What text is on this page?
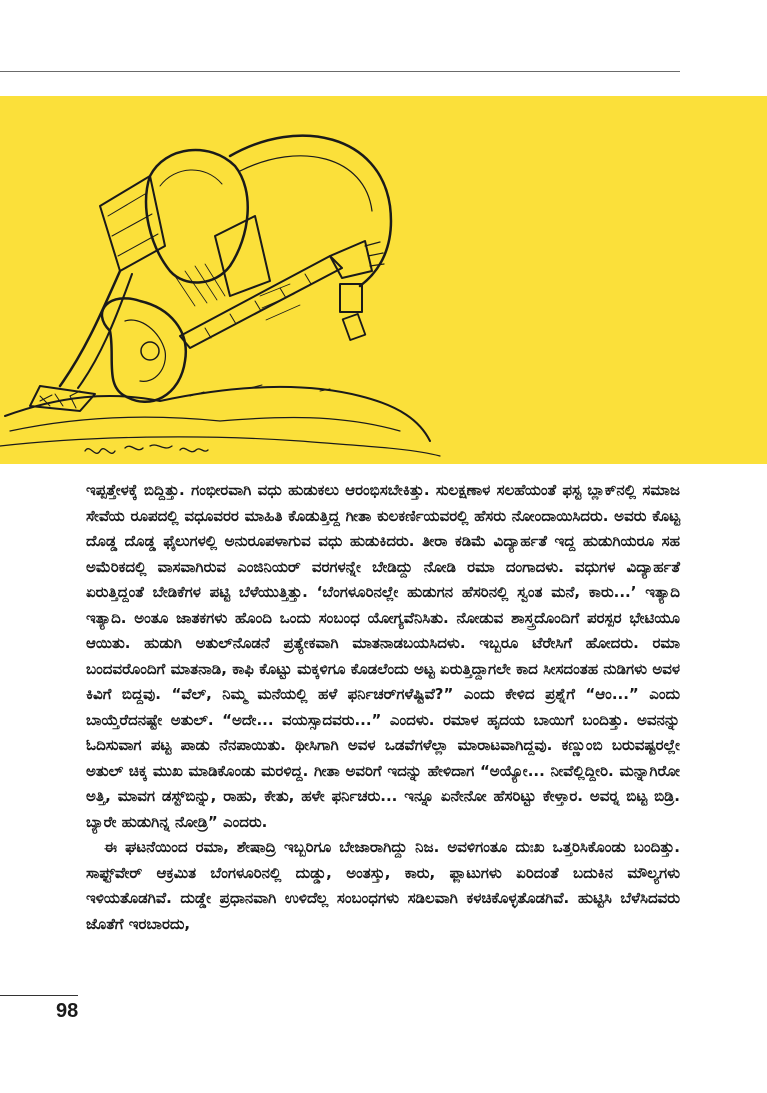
ಇಪ್ಪತ್ತೇಳಕ್ಕೆ ಬಿದ್ದಿತ್ತು. ಗಂಭೀರವಾಗಿ ವಧು ಹುಡುಕಲು ಆರಂಭಿಸಬೇಕಿತ್ತು. ಸುಲಕ್ಷಣಾಳ ಸಲಹೆಯಂತೆ ಫಸ್ಟ ಬ್ಲಾಕ್‌ನಲ್ಲಿ ಸಮಾಜ ಸೇವೆಯ ರೂಪದಲ್ಲಿ ವಧೂವರರ ಮಾಹಿತಿ ಕೊಡುತ್ತಿದ್ದ ಗೀತಾ ಕುಲಕರ್ಣಿಯವರಲ್ಲಿ ಹೆಸರು ನೋಂದಾಯಿಸಿದರು. ಅವರು ಕೊಟ್ಟ ದೊಡ್ಡ ದೊಡ್ಡ ಫೈಲುಗಳಲ್ಲಿ ಅನುರೂಪಳಾಗುವ ವಧು ಹುಡುಕಿದರು. ತೀರಾ ಕಡಿಮೆ ವಿದ್ಯಾರ್ಹತೆ ಇದ್ದ ಹುಡುಗಿಯರೂ ಸಹ ಅಮೆರಿಕದಲ್ಲಿ ವಾಸವಾಗಿರುವ ಎಂಜಿನಿಯರ್ ವರಗಳನ್ನೇ ಬೇಡಿದ್ದು ನೋಡಿ ರಮಾ ದಂಗಾದಳು. ವಧುಗಳ ವಿದ್ಯಾರ್ಹತೆ ಏರುತ್ತಿದ್ದಂತೆ ಬೇಡಿಕೆಗಳ ಪಟ್ಟಿ ಬೆಳೆಯುತ್ತಿತ್ತು. ‘ಬೆಂಗಳೂರಿನಲ್ಲೇ ಹುಡುಗನ ಹೆಸರಿನಲ್ಲಿ ಸ್ವಂತ ಮನೆ, ಕಾರು...’ ಇತ್ಯಾದಿ ಇತ್ಯಾದಿ. ಅಂತೂ ಜಾತಕಗಳು ಹೊಂದಿ ಒಂದು ಸಂಬಂಧ ಯೋಗ್ಯವೆನಿಸಿತು. ನೋಡುವ ಶಾಸ್ತ್ರದೊಂದಿಗೆ ಪರಸ್ಪರ ಭೇಟಿಯೂ ಆಯಿತು. ಹುಡುಗಿ ಅತುಲ್‌ನೊಡನೆ ಪ್ರತ್ಯೇಕವಾಗಿ ಮಾತನಾಡಬಯಸಿದಳು. ಇಬ್ಬರೂ ಟೆರೇಸಿಗೆ ಹೋದರು. ರಮಾ ಬಂದವರೊಂದಿಗೆ ಮಾತನಾಡಿ, ಕಾಫಿ ಕೊಟ್ಟು ಮಕ್ಕಳಿಗೂ ಕೊಡಲೆಂದು ಅಟ್ಟ ಏರುತ್ತಿದ್ದಾಗಲೇ ಕಾದ ಸೀಸದಂತಹ ನುಡಿಗಳು ಅವಳ ಕಿವಿಗೆ ಬಿದ್ದವು. “ವೆಲ್, ನಿಮ್ಮ ಮನೆಯಲ್ಲಿ ಹಳೆ ಫರ್ನಿಚರ್‌ಗಳೆಷ್ಟಿವೆ?” ಎಂದು ಕೇಳಿದ ಪ್ರಶ್ನೆಗೆ “ಆಂ...” ಎಂದು ಬಾಯ್ತೆರೆದನಷ್ಟೇ ಅತುಲ್. “ಅದೇ... ವಯಸ್ಸಾದವರು...” ಎಂದಳು. ರಮಾಳ ಹೃದಯ ಬಾಯಿಗೆ ಬಂದಿತ್ತು. ಅವನನ್ನು ಓದಿಸುವಾಗ ಪಟ್ಟ ಪಾಡು ನೆನಪಾಯಿತು. ಥೀಸಿಗಾಗಿ ಅವಳ ಒಡವೆಗಳೆಲ್ಲಾ ಮಾರಾಟವಾಗಿದ್ದವು. ಕಣ್ಣುಂಬಿ ಬರುವಷ್ಟರಲ್ಲೇ ಅತುಲ್ ಚಿಕ್ಕ ಮುಖ ಮಾಡಿಕೊಂಡು ಮರಳಿದ್ದ. ಗೀತಾ ಅವರಿಗೆ ಇದನ್ನು ಹೇಳಿದಾಗ “ಅಯ್ಯೋ... ನೀವೆಲ್ಲಿದ್ದೀರಿ. ಮನ್ನಾಗಿರೋ ಅತ್ತಿ, ಮಾವಗ ಡಸ್ಟ್‌ಬಿನ್ನು, ರಾಹು, ಕೇತು, ಹಳೇ ಫರ್ನಿಚರು... ಇನ್ನೂ ಏನೇನೋ ಹೆಸರಿಟ್ಟು ಕೇಳ್ತಾರ. ಅವರ್‍ನ ಬಿಟ್ಟ ಬಿಡ್ರಿ. ಬ್ಯಾರೇ ಹುಡುಗಿನ್ನ ನೋಡ್ರಿ” ಎಂದರು.

ಈ ಘಟನೆಯಿಂದ ರಮಾ, ಶೇಷಾದ್ರಿ ಇಬ್ಬರಿಗೂ ಬೇಜಾರಾಗಿದ್ದು ನಿಜ. ಅವಳಿಗಂತೂ ದುಃಖ ಒತ್ತರಿಸಿಕೊಂಡು ಬಂದಿತ್ತು. ಸಾಫ್ಟ್‌ವೇರ್ ಆಕ್ರಮಿತ ಬೆಂಗಳೂರಿನಲ್ಲಿ ದುಡ್ಡು, ಅಂತಸ್ತು, ಕಾರು, ಫ್ಲಾಟುಗಳು ಏರಿದಂತೆ ಬದುಕಿನ ಮೌಲ್ಯಗಳು ಇಳಿಯತೊಡಗಿವೆ. ದುಡ್ಡೇ ಪ್ರಧಾನವಾಗಿ ಉಳಿದೆಲ್ಲ ಸಂಬಂಧಗಳು ಸಡಿಲವಾಗಿ ಕಳಚಿಕೊಳ್ಳತೊಡಗಿವೆ. ಹುಟ್ಟಿಸಿ ಬೆಳೆಸಿದವರು ಜೊತೆಗೆ ಇರಬಾರದು,

98
